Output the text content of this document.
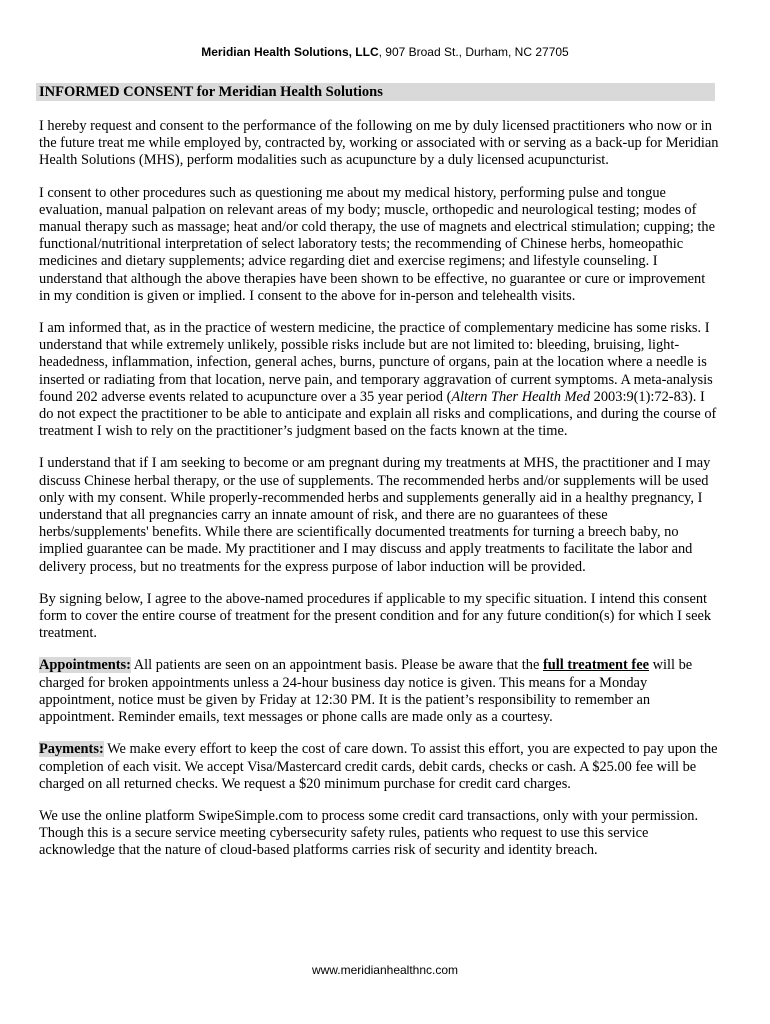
Meridian Health Solutions, LLC, 907 Broad St., Durham, NC 27705
INFORMED CONSENT for Meridian Health Solutions

I hereby request and consent to the performance of the following on me by duly licensed practitioners who now or in the future treat me while employed by, contracted by, working or associated with or serving as a back-up for Meridian Health Solutions (MHS), perform modalities such as acupuncture by a duly licensed acupuncturist.

I consent to other procedures such as questioning me about my medical history, performing pulse and tongue evaluation, manual palpation on relevant areas of my body; muscle, orthopedic and neurological testing; modes of manual therapy such as massage; heat and/or cold therapy, the use of magnets and electrical stimulation; cupping; the functional/nutritional interpretation of select laboratory tests; the recommending of Chinese herbs, homeopathic medicines and dietary supplements; advice regarding diet and exercise regimens; and lifestyle counseling. I understand that although the above therapies have been shown to be effective, no guarantee or cure or improvement in my condition is given or implied. I consent to the above for in-person and telehealth visits.

I am informed that, as in the practice of western medicine, the practice of complementary medicine has some risks. I understand that while extremely unlikely, possible risks include but are not limited to: bleeding, bruising, light-headedness, inflammation, infection, general aches, burns, puncture of organs, pain at the location where a needle is inserted or radiating from that location, nerve pain, and temporary aggravation of current symptoms. A meta-analysis found 202 adverse events related to acupuncture over a 35 year period (Altern Ther Health Med 2003:9(1):72-83). I do not expect the practitioner to be able to anticipate and explain all risks and complications, and during the course of treatment I wish to rely on the practitioner’s judgment based on the facts known at the time.

I understand that if I am seeking to become or am pregnant during my treatments at MHS, the practitioner and I may discuss Chinese herbal therapy, or the use of supplements. The recommended herbs and/or supplements will be used only with my consent. While properly-recommended herbs and supplements generally aid in a healthy pregnancy, I understand that all pregnancies carry an innate amount of risk, and there are no guarantees of these herbs/supplements' benefits. While there are scientifically documented treatments for turning a breech baby, no implied guarantee can be made. My practitioner and I may discuss and apply treatments to facilitate the labor and delivery process, but no treatments for the express purpose of labor induction will be provided.

By signing below, I agree to the above-named procedures if applicable to my specific situation. I intend this consent form to cover the entire course of treatment for the present condition and for any future condition(s) for which I seek treatment.

Appointments: All patients are seen on an appointment basis. Please be aware that the full treatment fee will be charged for broken appointments unless a 24-hour business day notice is given. This means for a Monday appointment, notice must be given by Friday at 12:30 PM. It is the patient’s responsibility to remember an appointment. Reminder emails, text messages or phone calls are made only as a courtesy.

Payments: We make every effort to keep the cost of care down. To assist this effort, you are expected to pay upon the completion of each visit. We accept Visa/Mastercard credit cards, debit cards, checks or cash. A $25.00 fee will be charged on all returned checks. We request a $20 minimum purchase for credit card charges.

We use the online platform SwipeSimple.com to process some credit card transactions, only with your permission. Though this is a secure service meeting cybersecurity safety rules, patients who request to use this service acknowledge that the nature of cloud-based platforms carries risk of security and identity breach.

www.meridianhealthnc.com
